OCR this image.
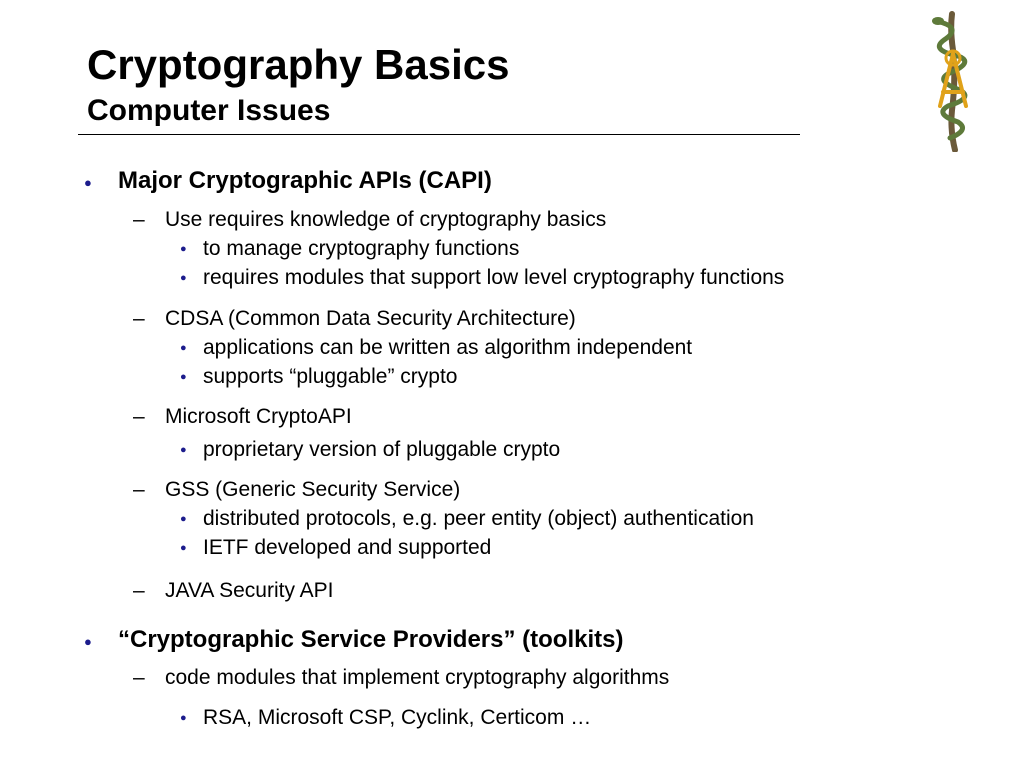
Cryptography Basics
Computer Issues
● Major Cryptographic APIs (CAPI)
– Use requires knowledge of cryptography basics
● to manage cryptography functions
● requires modules that support low level cryptography functions
– CDSA (Common Data Security Architecture)
● applications can be written as algorithm independent
● supports “pluggable” crypto
– Microsoft CryptoAPI
● proprietary version of pluggable crypto
– GSS (Generic Security Service)
● distributed protocols, e.g. peer entity (object) authentication
● IETF developed and supported
– JAVA Security API
● “Cryptographic Service Providers” (toolkits)
– code modules that implement cryptography algorithms
● RSA, Microsoft CSP, Cyclink, Certicom …
